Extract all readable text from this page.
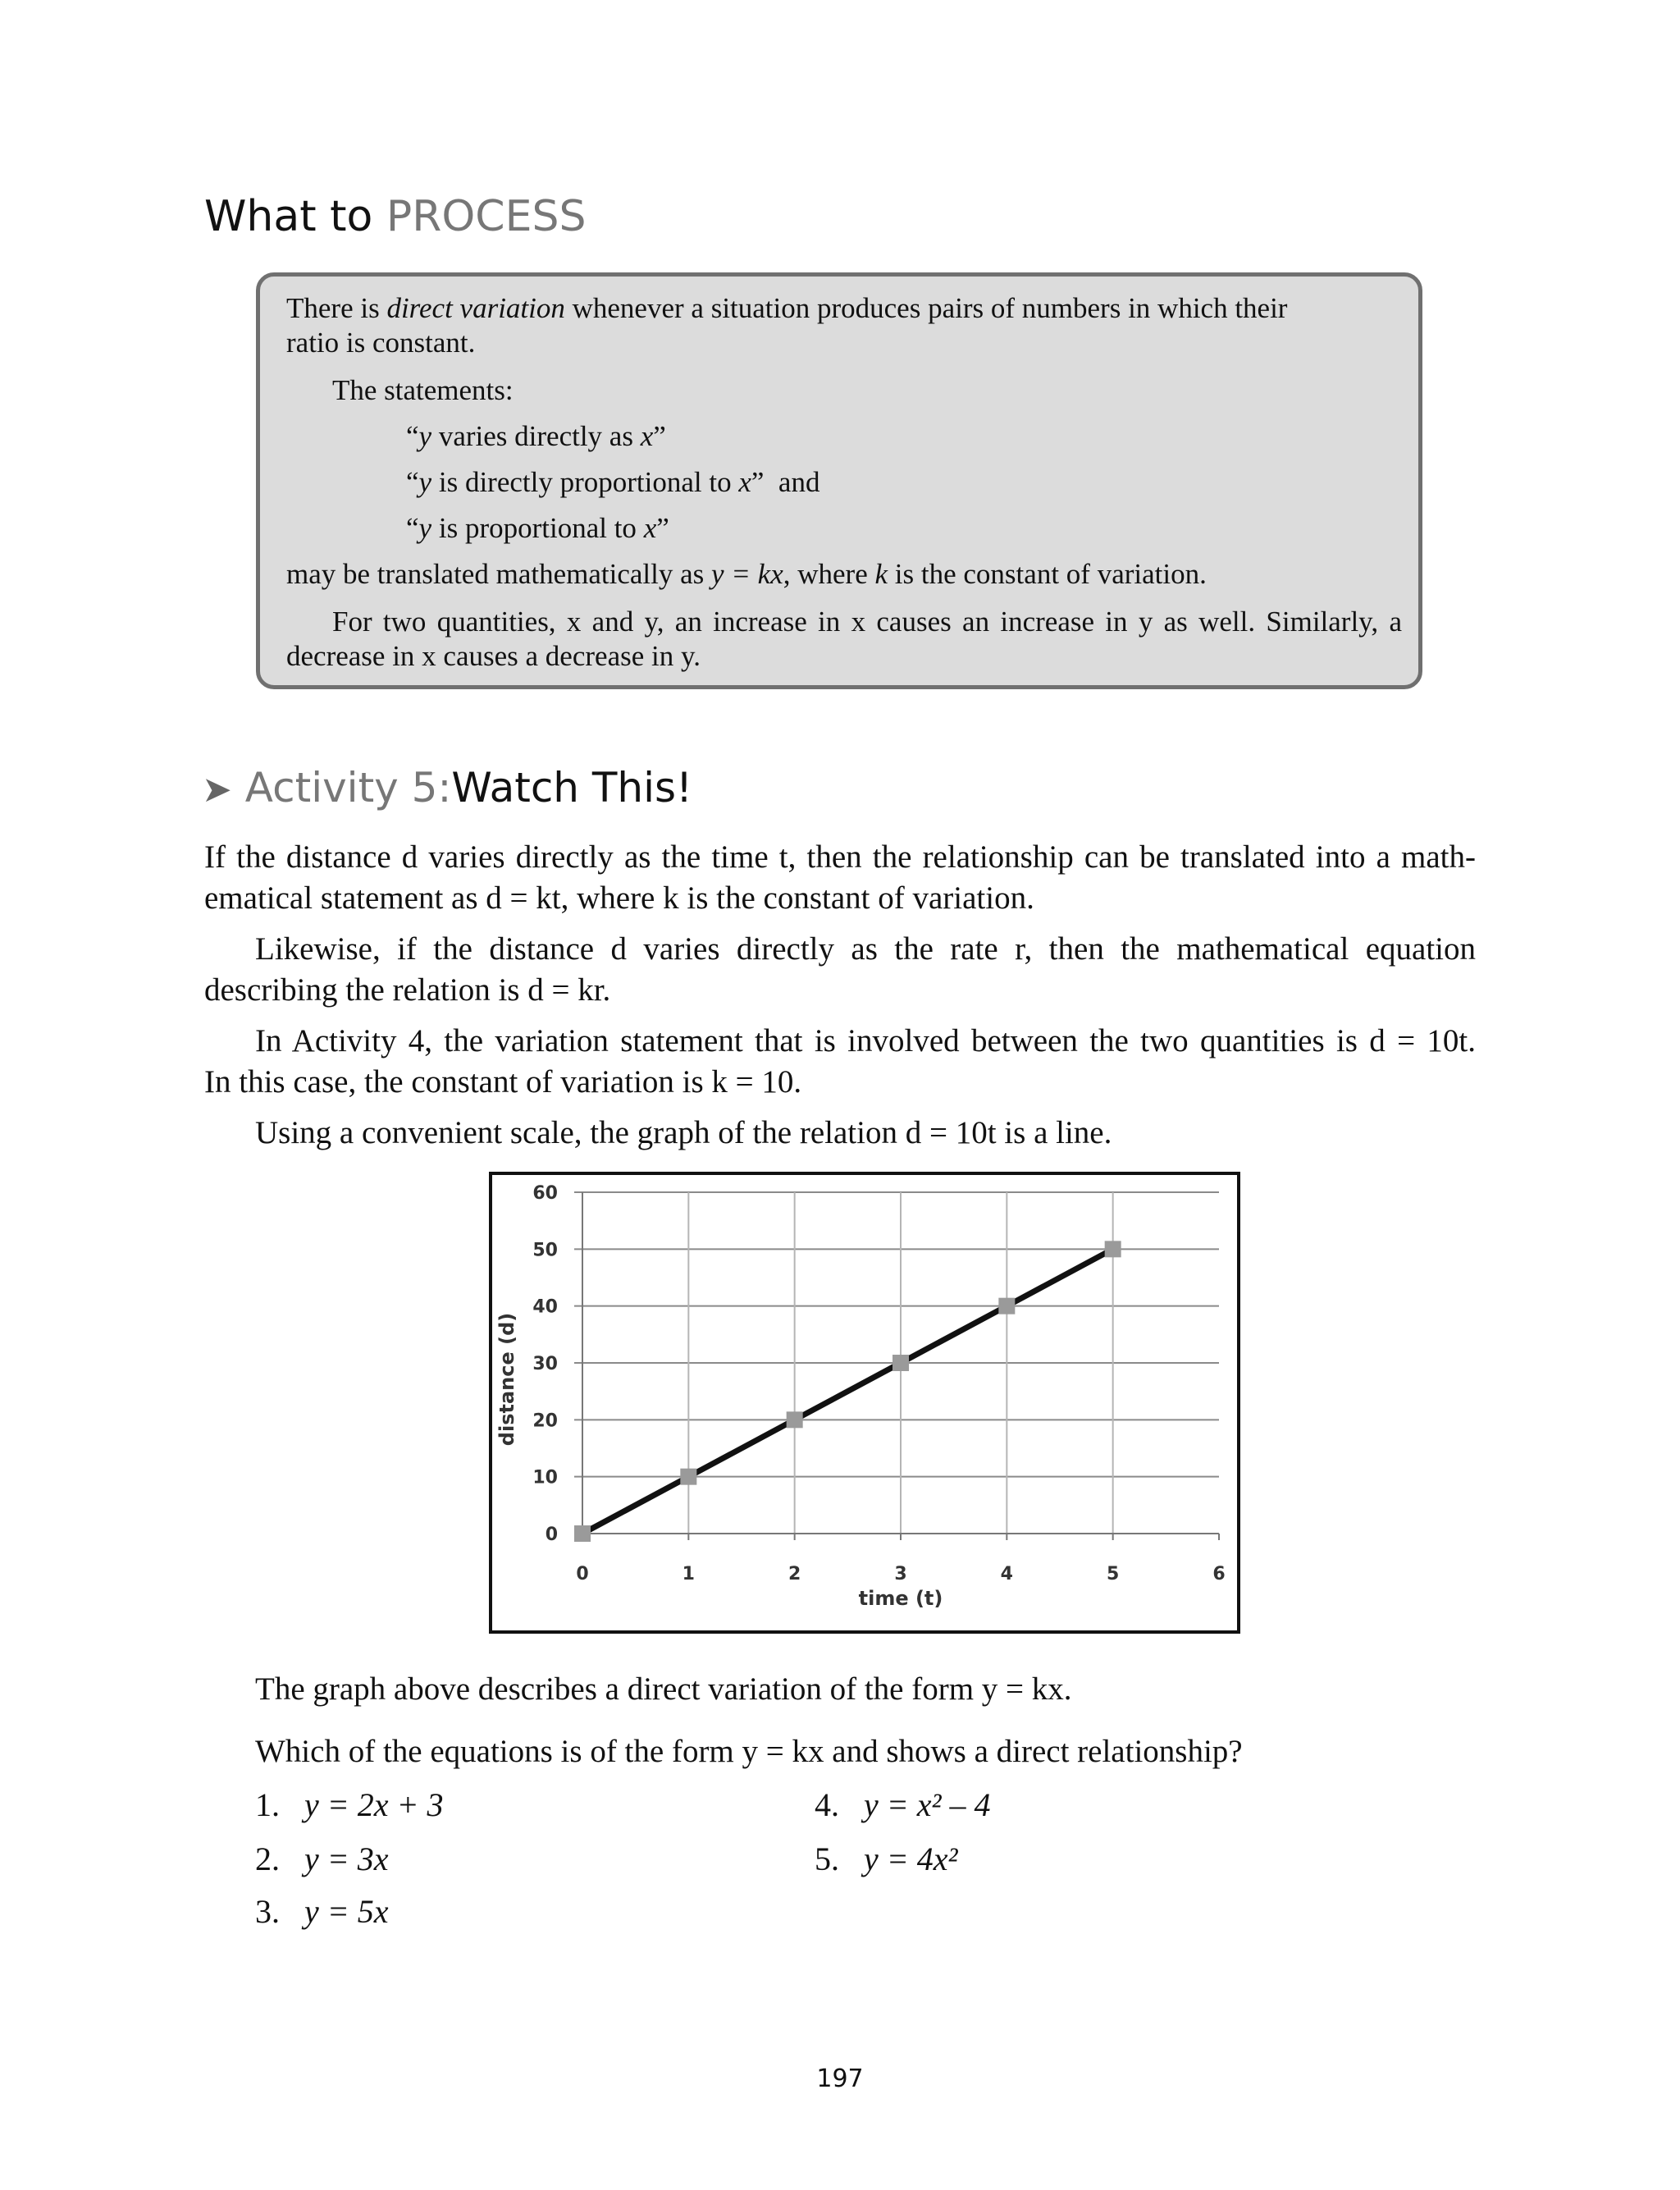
What to PROCESS

There is direct variation whenever a situation produces pairs of numbers in which their

ratio is constant.

The statements:

“y varies directly as x”

“y is directly proportional to x”  and

“y is proportional to x”

may be translated mathematically as y = kx, where k is the constant of variation.

For two quantities, x and y, an increase in x causes an increase in y as well. Similarly, a

decrease in x causes a decrease in y.

➤ Activity 5:Watch This!

If the distance d varies directly as the time t, then the relationship can be translated into a math-

ematical statement as d = kt, where k is the constant of variation.

Likewise, if the distance d varies directly as the rate r, then the mathematical equation

describing the relation is d = kr.

In Activity 4, the variation statement that is involved between the two quantities is d = 10t.

In this case, the constant of variation is k = 10.

Using a convenient scale, the graph of the relation d = 10t is a line.

0
10
20
30
40
50
60
0	1	2	3	4	5	6
time (t)
distance (d)

The graph above describes a direct variation of the form y = kx.

Which of the equations is of the form y = kx and shows a direct relationship?

1. y = 2x + 3

2. y = 3x

3. y = 5x

4. y = x² – 4

5. y = 4x²

197
